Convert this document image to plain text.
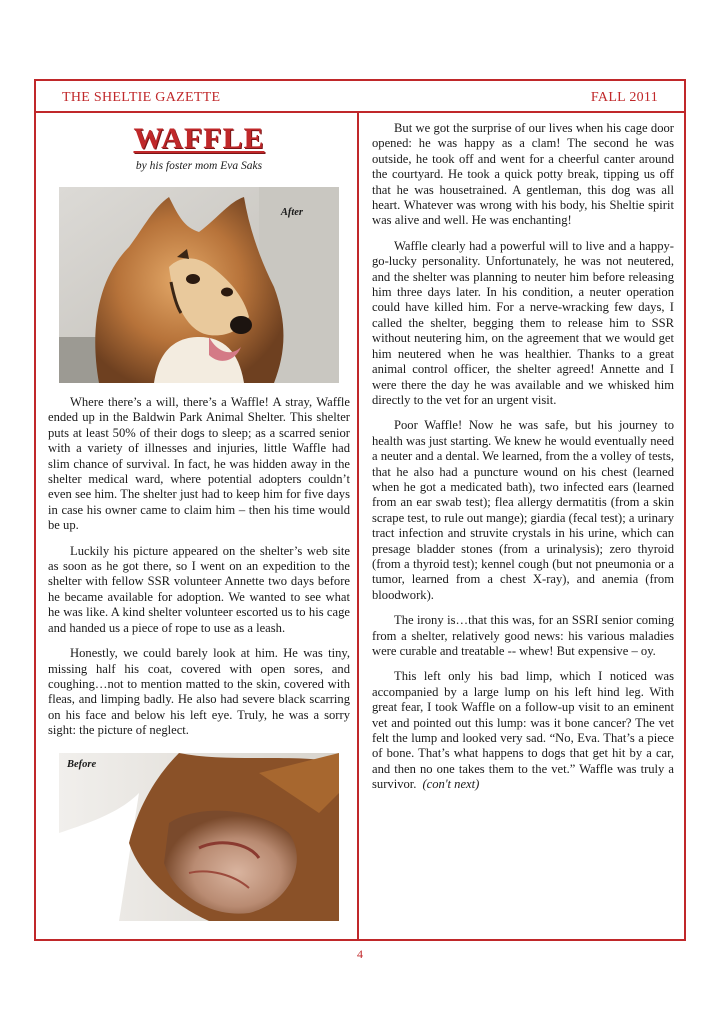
THE SHELTIE GAZETTE	FALL 2011
WAFFLE
by his foster mom Eva Saks
After

Where there’s a will, there’s a Waffle! A stray, Waffle ended up in the Baldwin Park Animal Shelter. This shelter puts at least 50% of their dogs to sleep; as a scarred senior with a variety of illnesses and injuries, little Waffle had slim chance of survival. In fact, he was hidden away in the shelter medical ward, where potential adopters couldn’t even see him. The shelter just had to keep him for five days in case his owner came to claim him – then his time would be up.

Luckily his picture appeared on the shelter’s web site as soon as he got there, so I went on an expedition to the shelter with fellow SSR volunteer Annette two days before he became available for adoption. We wanted to see what he was like. A kind shelter volunteer escorted us to his cage and handed us a piece of rope to use as a leash.

Honestly, we could barely look at him. He was tiny, missing half his coat, covered with open sores, and coughing…not to mention matted to the skin, covered with fleas, and limping badly. He also had severe black scarring on his face and below his left eye. Truly, he was a sorry sight: the picture of neglect.

Before

But we got the surprise of our lives when his cage door opened: he was happy as a clam! The second he was outside, he took off and went for a cheerful canter around the courtyard. He took a quick potty break, tipping us off that he was housetrained. A gentleman, this dog was all heart. Whatever was wrong with his body, his Sheltie spirit was alive and well. He was enchanting!

Waffle clearly had a powerful will to live and a happy-go-lucky personality. Unfortunately, he was not neutered, and the shelter was planning to neuter him before releasing him three days later. In his condition, a neuter operation could have killed him. For a nerve-wracking few days, I called the shelter, begging them to release him to SSR without neutering him, on the agreement that we would get him neutered when he was healthier. Thanks to a great animal control officer, the shelter agreed! Annette and I were there the day he was available and we whisked him directly to the vet for an urgent visit.

Poor Waffle! Now he was safe, but his journey to health was just starting. We knew he would eventually need a neuter and a dental. We learned, from the a volley of tests, that he also had a puncture wound on his chest (learned when he got a medicated bath), two infected ears (learned from an ear swab test); flea allergy dermatitis (from a skin scrape test, to rule out mange); giardia (fecal test); a urinary tract infection and struvite crystals in his urine, which can presage bladder stones (from a urinalysis); zero thyroid (from a thyroid test); kennel cough (but not pneumonia or a tumor, learned from a chest X-ray), and anemia (from bloodwork).

The irony is…that this was, for an SSRI senior coming from a shelter, relatively good news: his various maladies were curable and treatable -- whew! But expensive – oy.

This left only his bad limp, which I noticed was accompanied by a large lump on his left hind leg. With great fear, I took Waffle on a follow-up visit to an eminent vet and pointed out this lump: was it bone cancer? The vet felt the lump and looked very sad. “No, Eva. That’s a piece of bone. That’s what happens to dogs that get hit by a car, and then no one takes them to the vet.” Waffle was truly a survivor. (con't next)

4
